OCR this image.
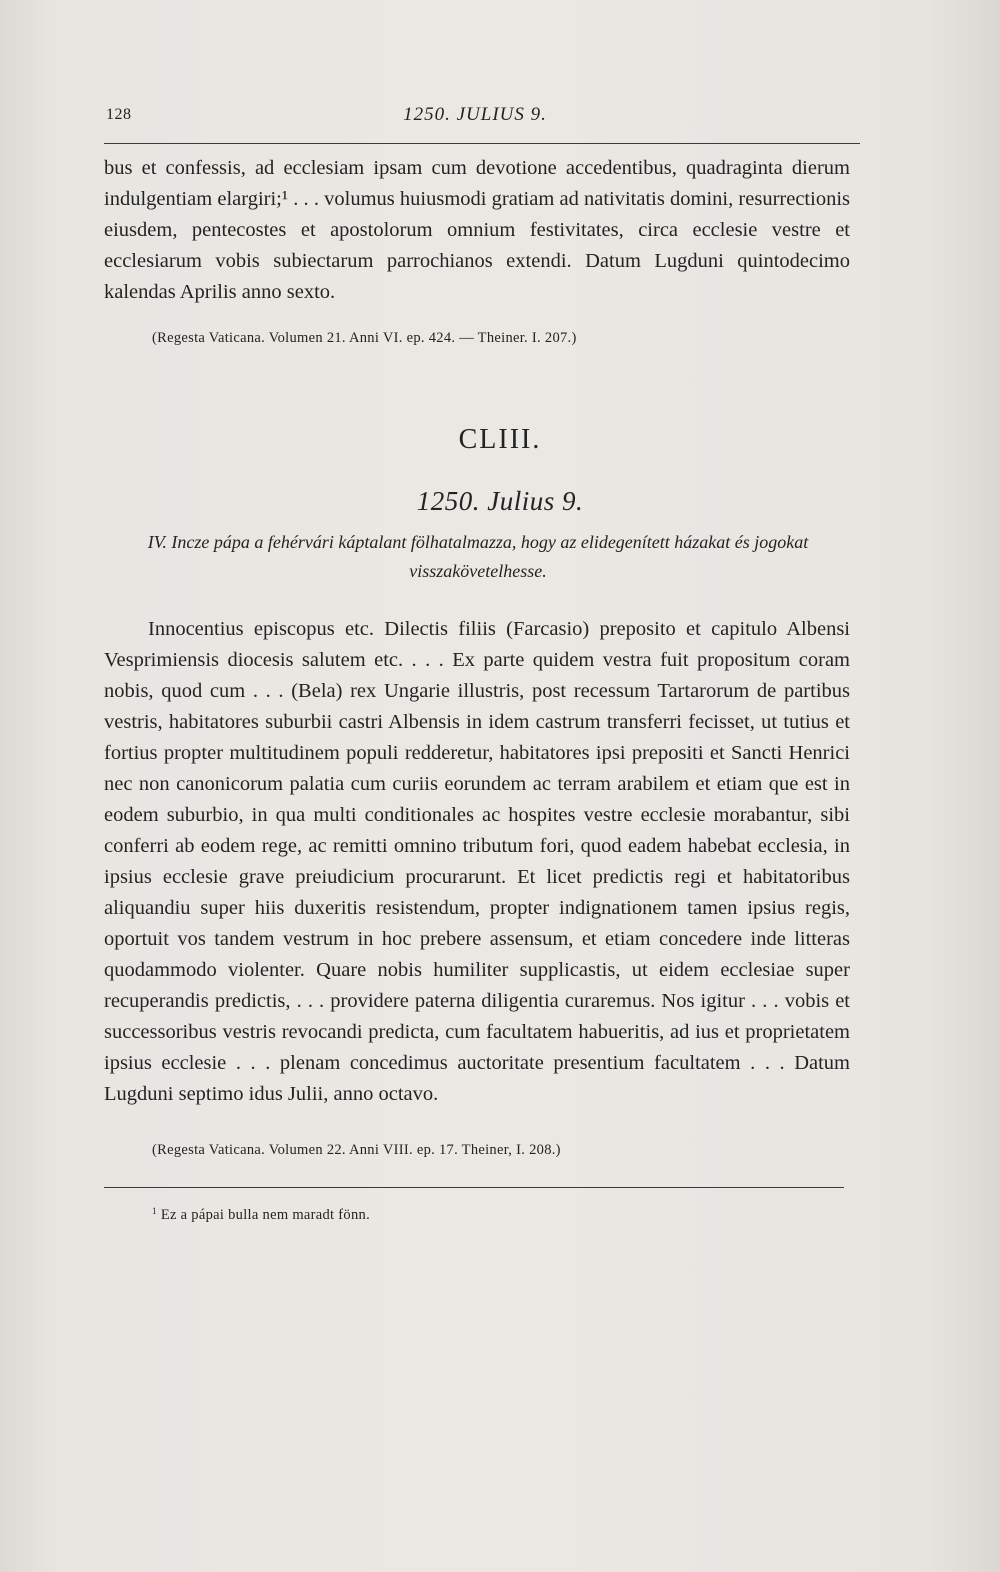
128	1250. JULIUS 9.

bus et confessis, ad ecclesiam ipsam cum devotione accedentibus, quadraginta dierum indulgentiam elargiri;¹ . . . volumus huiusmodi gratiam ad nativitatis domini, resurrectionis eiusdem, pentecostes et apostolorum omnium festivitates, circa ecclesie vestre et ecclesiarum vobis subiectarum parrochianos extendi. Datum Lugduni quintodecimo kalendas Aprilis anno sexto.

(Regesta Vaticana. Volumen 21. Anni VI. ep. 424. — Theiner. I. 207.)
CLIII.
1250. Julius 9.
IV. Incze pápa a fehérvári káptalant fölhatalmazza, hogy az elidegenített házakat és jogokat visszakövetelhesse.

Innocentius episcopus etc. Dilectis filiis (Farcasio) preposito et capitulo Albensi Vesprimiensis diocesis salutem etc. . . . Ex parte quidem vestra fuit propositum coram nobis, quod cum . . . (Bela) rex Ungarie illustris, post recessum Tartarorum de partibus vestris, habitatores suburbii castri Albensis in idem castrum transferri fecisset, ut tutius et fortius propter multitudinem populi redderetur, habitatores ipsi prepositi et Sancti Henrici nec non canonicorum palatia cum curiis eorundem ac terram arabilem et etiam que est in eodem suburbio, in qua multi conditionales ac hospites vestre ecclesie morabantur, sibi conferri ab eodem rege, ac remitti omnino tributum fori, quod eadem habebat ecclesia, in ipsius ecclesie grave preiudicium procurarunt. Et licet predictis regi et habitatoribus aliquandiu super hiis duxeritis resistendum, propter indignationem tamen ipsius regis, oportuit vos tandem vestrum in hoc prebere assensum, et etiam concedere inde litteras quodammodo violenter. Quare nobis humiliter supplicastis, ut eidem ecclesiae super recuperandis predictis, . . . providere paterna diligentia curaremus. Nos igitur . . . vobis et successoribus vestris revocandi predicta, cum facultatem habueritis, ad ius et proprietatem ipsius ecclesie . . . plenam concedimus auctoritate presentium facultatem . . . Datum Lugduni septimo idus Julii, anno octavo.

(Regesta Vaticana. Volumen 22. Anni VIII. ep. 17. Theiner, I. 208.)
$^1$ Ez a pápai bulla nem maradt fönn.
